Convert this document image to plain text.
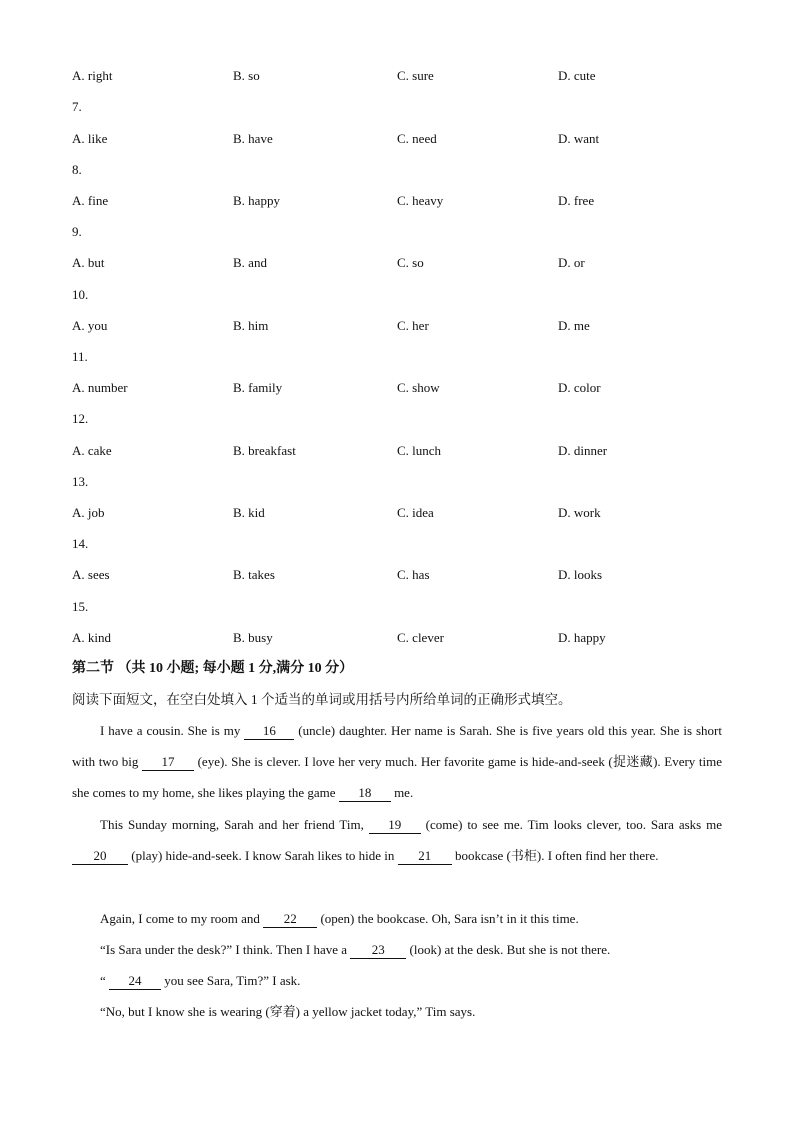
A. right	B. so	C. sure	D. cute
7.
A. like	B. have	C. need	D. want
8.
A. fine	B. happy	C. heavy	D. free
9.
A. but	B. and	C. so	D. or
10.
A. you	B. him	C. her	D. me
11.
A. number	B. family	C. show	D. color
12.
A. cake	B. breakfast	C. lunch	D. dinner
13.
A. job	B. kid	C. idea	D. work
14.
A. sees	B. takes	C. has	D. looks
15.
A. kind	B. busy	C. clever	D. happy
第二节 （共 10 小题; 每小题 1 分,满分 10 分）
阅读下面短文，在空白处填入 1 个适当的单词或用括号内所给单词的正确形式填空。
I have a cousin. She is my 16 (uncle) daughter. Her name is Sarah. She is five years old this year. She is short with two big 17 (eye). She is clever. I love her very much. Her favorite game is hide-and-seek (捉迷藏). Every time she comes to my home, she likes playing the game 18 me.
This Sunday morning, Sarah and her friend Tim, 19 (come) to see me. Tim looks clever, too. Sara asks me 20 (play) hide-and-seek. I know Sarah likes to hide in 21 bookcase (书柜). I often find her there.
Again, I come to my room and 22 (open) the bookcase. Oh, Sara isn’t in it this time.
“Is Sara under the desk?” I think. Then I have a 23 (look) at the desk. But she is not there.
“ 24 you see Sara, Tim?” I ask.
“No, but I know she is wearing (穿着) a yellow jacket today,” Tim says.
